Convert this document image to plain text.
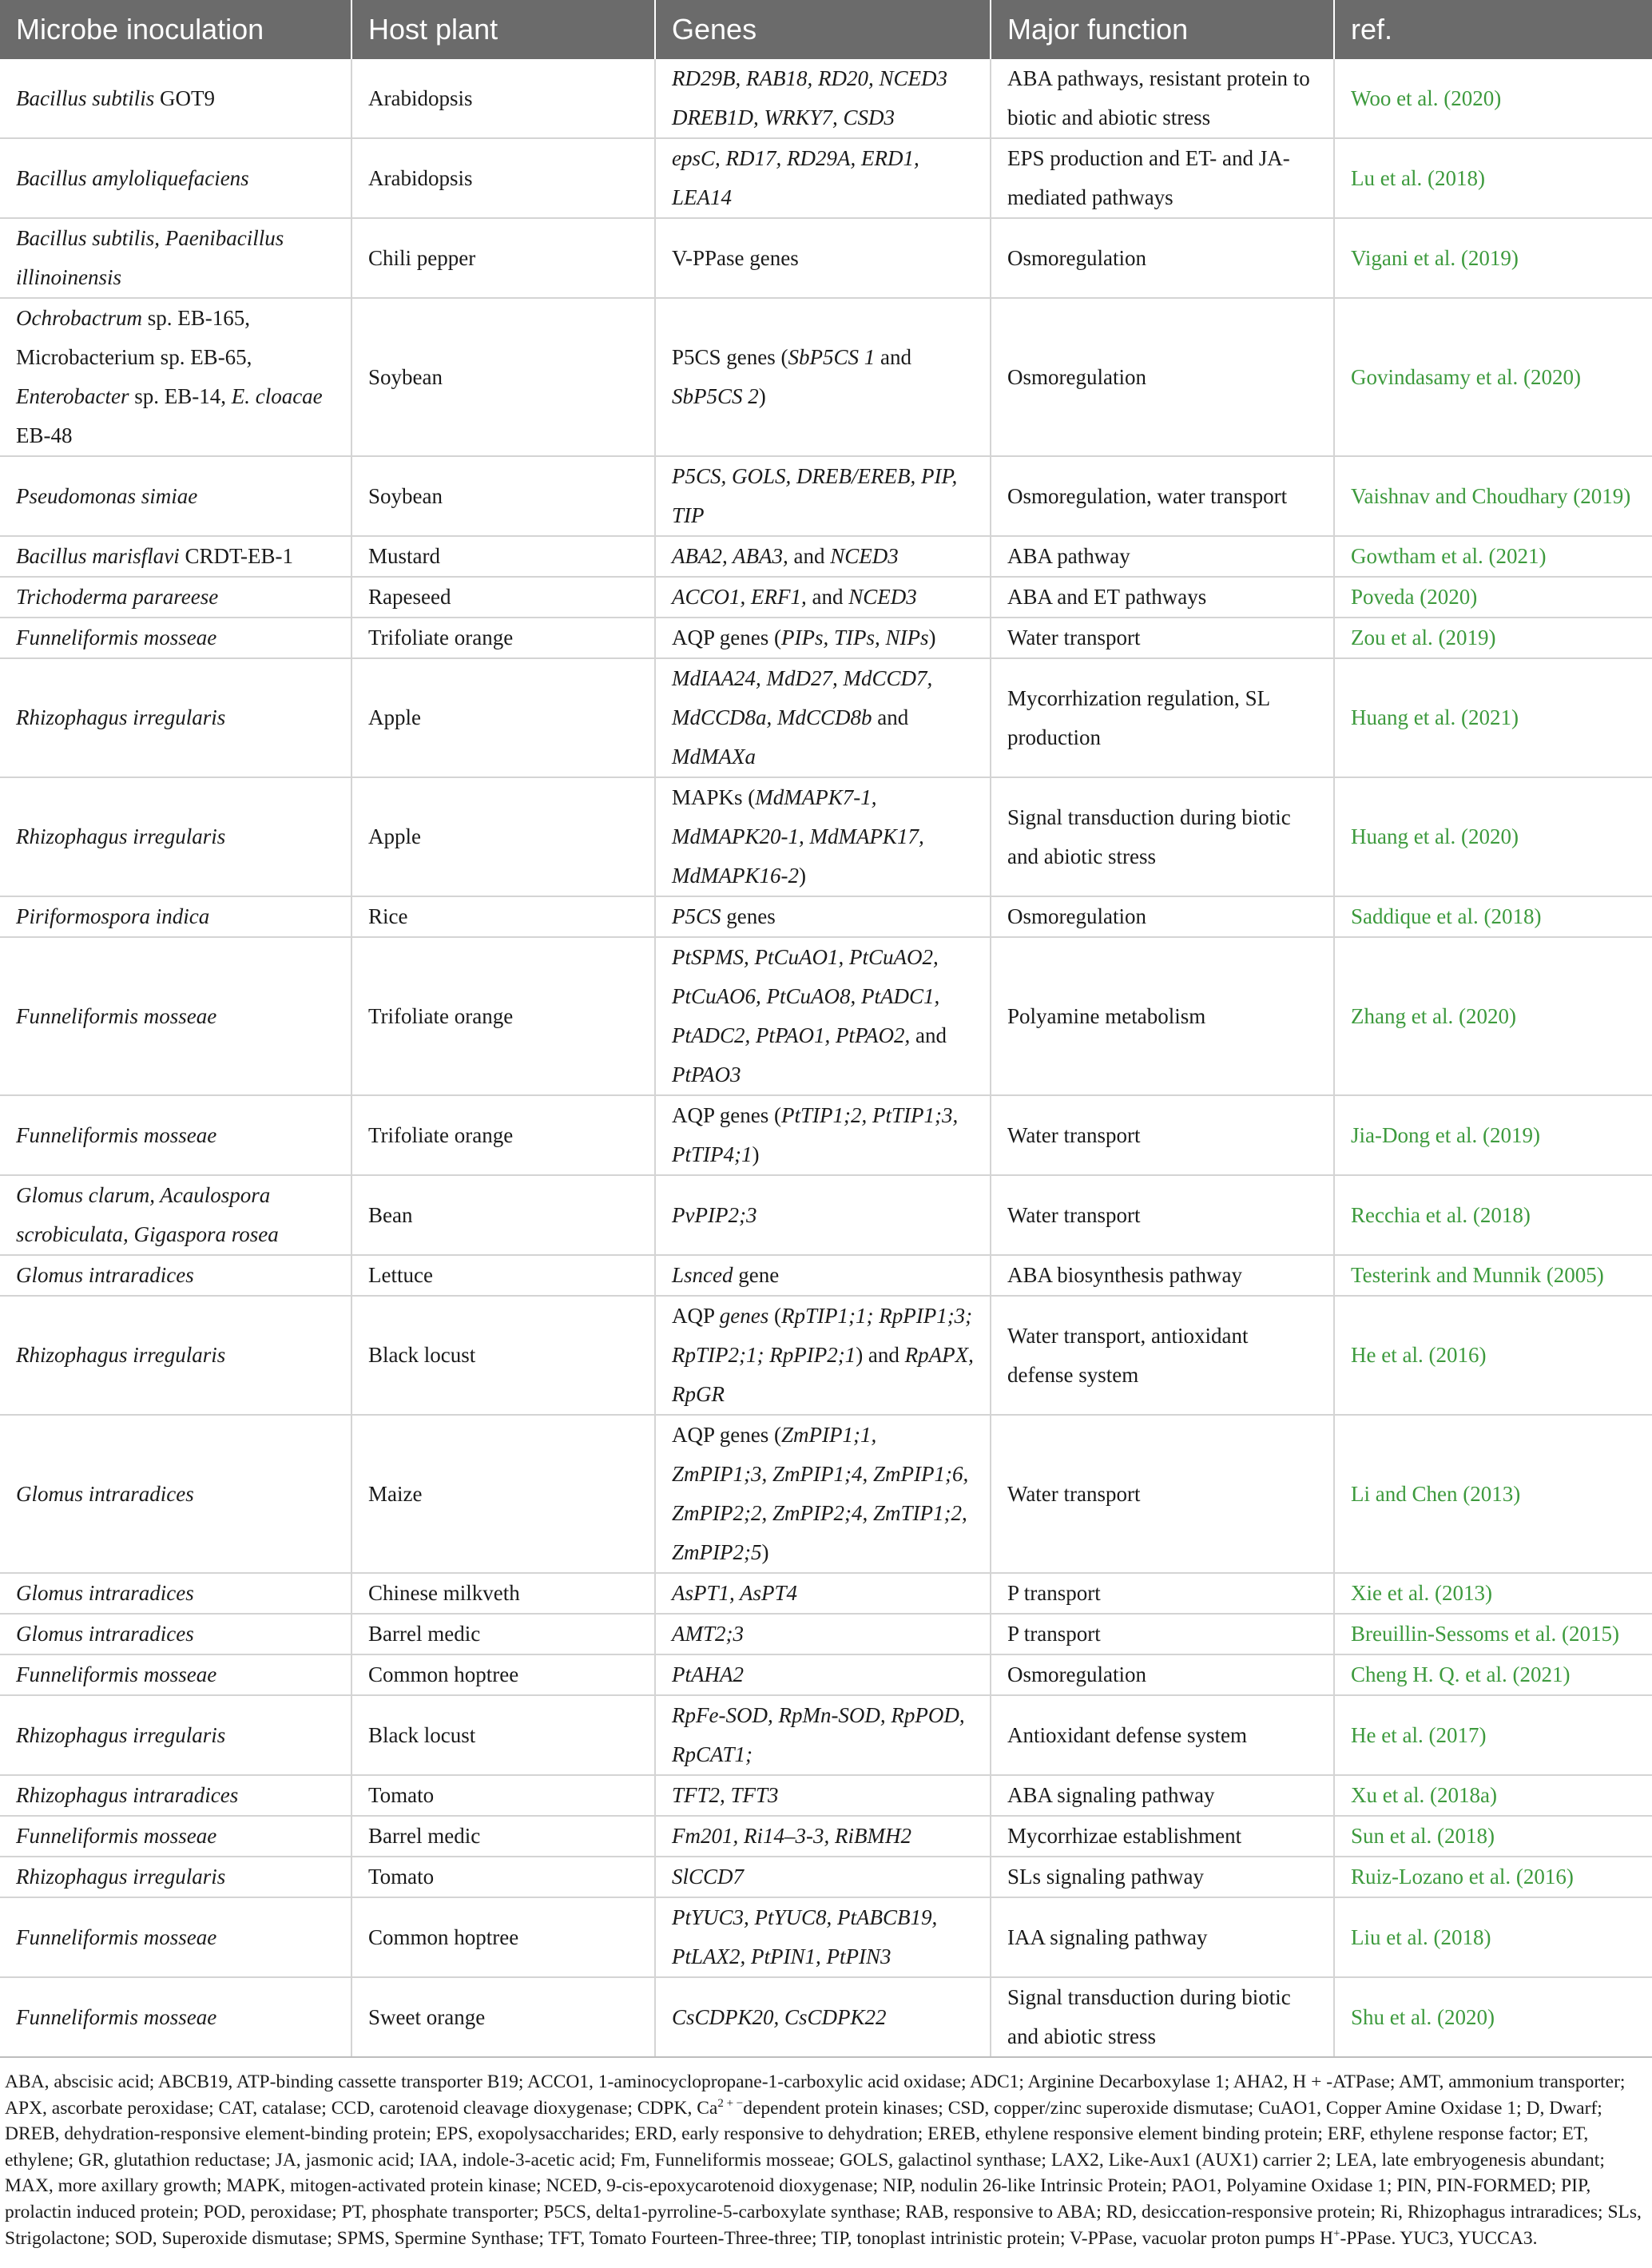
Microbe inoculation	Host plant	Genes	Major function	ref.
Bacillus subtilis GOT9	Arabidopsis	RD29B, RAB18, RD20, NCED3 DREB1D, WRKY7, CSD3	ABA pathways, resistant protein to biotic and abiotic stress	Woo et al. (2020)
Bacillus amyloliquefaciens	Arabidopsis	epsC, RD17, RD29A, ERD1, LEA14	EPS production and ET- and JA-mediated pathways	Lu et al. (2018)
Bacillus subtilis, Paenibacillus illinoinensis	Chili pepper	V-PPase genes	Osmoregulation	Vigani et al. (2019)
Ochrobactrum sp. EB-165, Microbacterium sp. EB-65, Enterobacter sp. EB-14, E. cloacae EB-48	Soybean	P5CS genes (SbP5CS 1 and SbP5CS 2)	Osmoregulation	Govindasamy et al. (2020)
Pseudomonas simiae	Soybean	P5CS, GOLS, DREB/EREB, PIP, TIP	Osmoregulation, water transport	Vaishnav and Choudhary (2019)
Bacillus marisflavi CRDT-EB-1	Mustard	ABA2, ABA3, and NCED3	ABA pathway	Gowtham et al. (2021)
Trichoderma parareese	Rapeseed	ACCO1, ERF1, and NCED3	ABA and ET pathways	Poveda (2020)
Funneliformis mosseae	Trifoliate orange	AQP genes (PIPs, TIPs, NIPs)	Water transport	Zou et al. (2019)
Rhizophagus irregularis	Apple	MdIAA24, MdD27, MdCCD7, MdCCD8a, MdCCD8b and MdMAXa	Mycorrhization regulation, SL production	Huang et al. (2021)
Rhizophagus irregularis	Apple	MAPKs (MdMAPK7-1, MdMAPK20-1, MdMAPK17, MdMAPK16-2)	Signal transduction during biotic and abiotic stress	Huang et al. (2020)
Piriformospora indica	Rice	P5CS genes	Osmoregulation	Saddique et al. (2018)
Funneliformis mosseae	Trifoliate orange	PtSPMS, PtCuAO1, PtCuAO2, PtCuAO6, PtCuAO8, PtADC1, PtADC2, PtPAO1, PtPAO2, and PtPAO3	Polyamine metabolism	Zhang et al. (2020)
Funneliformis mosseae	Trifoliate orange	AQP genes (PtTIP1;2, PtTIP1;3, PtTIP4;1)	Water transport	Jia-Dong et al. (2019)
Glomus clarum, Acaulospora scrobiculata, Gigaspora rosea	Bean	PvPIP2;3	Water transport	Recchia et al. (2018)
Glomus intraradices	Lettuce	Lsnced gene	ABA biosynthesis pathway	Testerink and Munnik (2005)
Rhizophagus irregularis	Black locust	AQP genes (RpTIP1;1; RpPIP1;3; RpTIP2;1; RpPIP2;1) and RpAPX, RpGR	Water transport, antioxidant defense system	He et al. (2016)
Glomus intraradices	Maize	AQP genes (ZmPIP1;1, ZmPIP1;3, ZmPIP1;4, ZmPIP1;6, ZmPIP2;2, ZmPIP2;4, ZmTIP1;2, ZmPIP2;5)	Water transport	Li and Chen (2013)
Glomus intraradices	Chinese milkveth	AsPT1, AsPT4	P transport	Xie et al. (2013)
Glomus intraradices	Barrel medic	AMT2;3	P transport	Breuillin-Sessoms et al. (2015)
Funneliformis mosseae	Common hoptree	PtAHA2	Osmoregulation	Cheng H. Q. et al. (2021)
Rhizophagus irregularis	Black locust	RpFe-SOD, RpMn-SOD, RpPOD, RpCAT1;	Antioxidant defense system	He et al. (2017)
Rhizophagus intraradices	Tomato	TFT2, TFT3	ABA signaling pathway	Xu et al. (2018a)
Funneliformis mosseae	Barrel medic	Fm201, Ri14–3-3, RiBMH2	Mycorrhizae establishment	Sun et al. (2018)
Rhizophagus irregularis	Tomato	SlCCD7	SLs signaling pathway	Ruiz-Lozano et al. (2016)
Funneliformis mosseae	Common hoptree	PtYUC3, PtYUC8, PtABCB19, PtLAX2, PtPIN1, PtPIN3	IAA signaling pathway	Liu et al. (2018)
Funneliformis mosseae	Sweet orange	CsCDPK20, CsCDPK22	Signal transduction during biotic and abiotic stress	Shu et al. (2020)
ABA, abscisic acid; ABCB19, ATP-binding cassette transporter B19; ACCO1, 1-aminocyclopropane-1-carboxylic acid oxidase; ADC1; Arginine Decarboxylase 1; AHA2, H + -ATPase; AMT, ammonium transporter; APX, ascorbate peroxidase; CAT, catalase; CCD, carotenoid cleavage dioxygenase; CDPK, $Ca^{2 + -}dependent$ protein kinases; CSD, copper/zinc superoxide dismutase; CuAO1, Copper Amine Oxidase 1; D, Dwarf; DREB, dehydration-responsive element-binding protein; EPS, exopolysaccharides; ERD, early responsive to dehydration; EREB, ethylene responsive element binding protein; ERF, ethylene response factor; ET, ethylene; GR, glutathion reductase; JA, jasmonic acid; IAA, indole-3-acetic acid; Fm, Funneliformis mosseae; GOLS, galactinol synthase; LAX2, Like-Aux1 (AUX1) carrier 2; LEA, late embryogenesis abundant; MAX, more axillary growth; MAPK, mitogen-activated protein kinase; NCED, 9-cis-epoxycarotenoid dioxygenase; NIP, nodulin 26-like Intrinsic Protein; PAO1, Polyamine Oxidase 1; PIN, PIN-FORMED; PIP, prolactin induced protein; POD, peroxidase; PT, phosphate transporter; P5CS, delta1-pyrroline-5-carboxylate synthase; RAB, responsive to ABA; RD, desiccation-responsive protein; Ri, Rhizophagus intraradices; SLs, Strigolactone; SOD, Superoxide dismutase; SPMS, Spermine Synthase; TFT, Tomato Fourteen-Three-three; TIP, tonoplast intrinistic protein; V-PPase, vacuolar proton pumps H+-PPase. YUC3, YUCCA3.
